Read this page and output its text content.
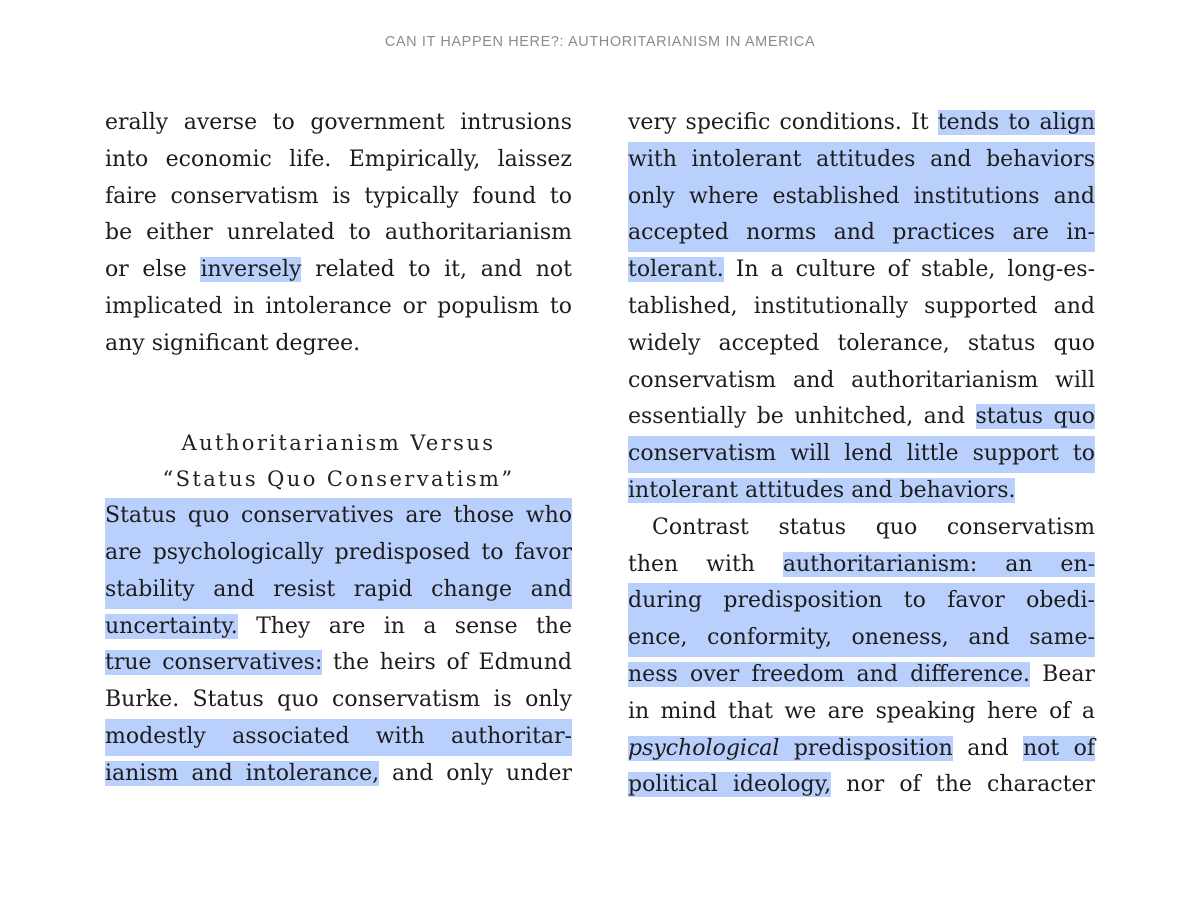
CAN IT HAPPEN HERE?: AUTHORITARIANISM IN AMERICA
erally averse to government intrusions
into economic life. Empirically, laissez
faire conservatism is typically found to
be either unrelated to authoritarianism
or else inversely related to it, and not
implicated in intolerance or populism to
any significant degree.
Authoritarianism Versus
“Status Quo Conservatism”
Status quo conservatives are those who
are psychologically predisposed to favor
stability and resist rapid change and
uncertainty. They are in a sense the
true conservatives: the heirs of Edmund
Burke. Status quo conservatism is only
modestly associated with authoritar-
ianism and intolerance, and only under
very specific conditions. It tends to align
with intolerant attitudes and behaviors
only where established institutions and
accepted norms and practices are in-
tolerant. In a culture of stable, long-es-
tablished, institutionally supported and
widely accepted tolerance, status quo
conservatism and authoritarianism will
essentially be unhitched, and status quo
conservatism will lend little support to
intolerant attitudes and behaviors.
Contrast status quo conservatism
then with authoritarianism: an en-
during predisposition to favor obedi-
ence, conformity, oneness, and same-
ness over freedom and difference. Bear
in mind that we are speaking here of a
psychological predisposition and not of
political ideology, nor of the character
